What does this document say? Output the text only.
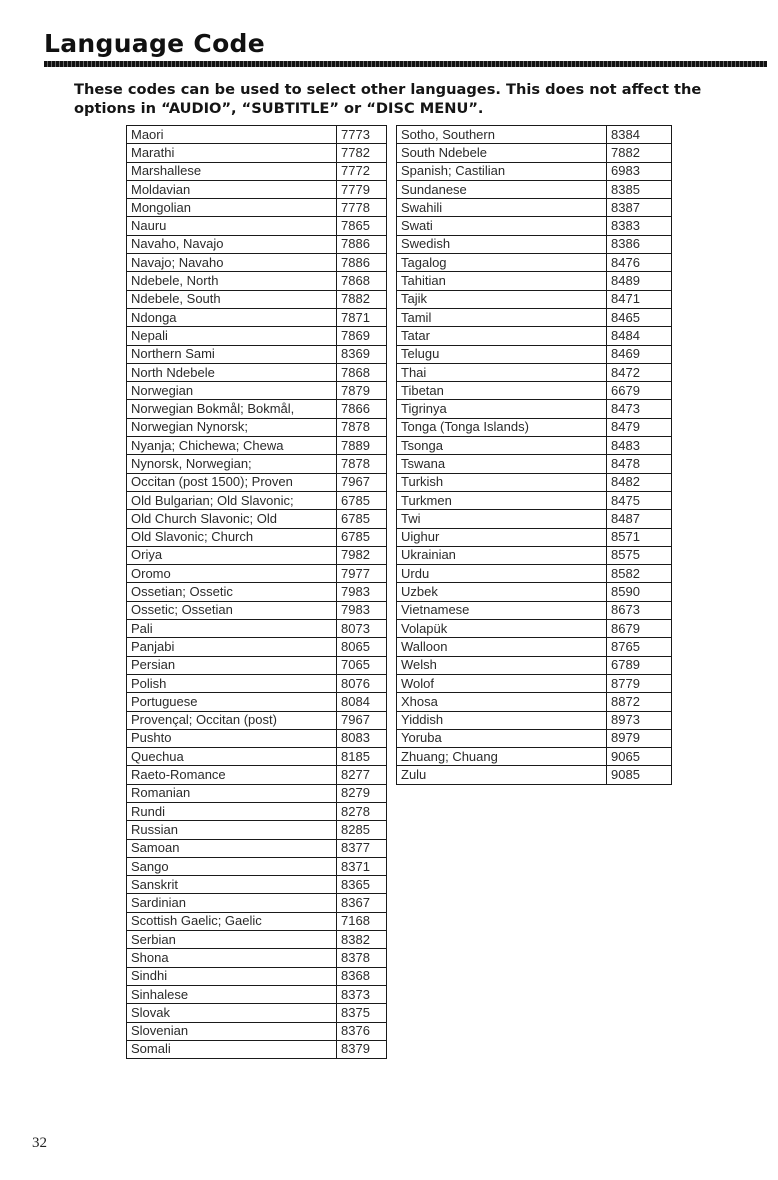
Language Code
These codes can be used to select other languages. This does not affect the options in “AUDIO”, “SUBTITLE” or “DISC MENU”.
Maori	7773
Marathi	7782
Marshallese	7772
Moldavian	7779
Mongolian	7778
Nauru	7865
Navaho, Navajo	7886
Navajo; Navaho	7886
Ndebele, North	7868
Ndebele, South	7882
Ndonga	7871
Nepali	7869
Northern Sami	8369
North Ndebele	7868
Norwegian	7879
Norwegian Bokmål; Bokmål,	7866
Norwegian Nynorsk;	7878
Nyanja; Chichewa; Chewa	7889
Nynorsk, Norwegian;	7878
Occitan (post 1500); Proven	7967
Old Bulgarian; Old Slavonic;	6785
Old Church Slavonic; Old	6785
Old Slavonic; Church	6785
Oriya	7982
Oromo	7977
Ossetian; Ossetic	7983
Ossetic; Ossetian	7983
Pali	8073
Panjabi	8065
Persian	7065
Polish	8076
Portuguese	8084
Provençal; Occitan (post)	7967
Pushto	8083
Quechua	8185
Raeto-Romance	8277
Romanian	8279
Rundi	8278
Russian	8285
Samoan	8377
Sango	8371
Sanskrit	8365
Sardinian	8367
Scottish Gaelic; Gaelic	7168
Serbian	8382
Shona	8378
Sindhi	8368
Sinhalese	8373
Slovak	8375
Slovenian	8376
Somali	8379
Sotho, Southern	8384
South Ndebele	7882
Spanish; Castilian	6983
Sundanese	8385
Swahili	8387
Swati	8383
Swedish	8386
Tagalog	8476
Tahitian	8489
Tajik	8471
Tamil	8465
Tatar	8484
Telugu	8469
Thai	8472
Tibetan	6679
Tigrinya	8473
Tonga (Tonga Islands)	8479
Tsonga	8483
Tswana	8478
Turkish	8482
Turkmen	8475
Twi	8487
Uighur	8571
Ukrainian	8575
Urdu	8582
Uzbek	8590
Vietnamese	8673
Volapük	8679
Walloon	8765
Welsh	6789
Wolof	8779
Xhosa	8872
Yiddish	8973
Yoruba	8979
Zhuang; Chuang	9065
Zulu	9085
32
